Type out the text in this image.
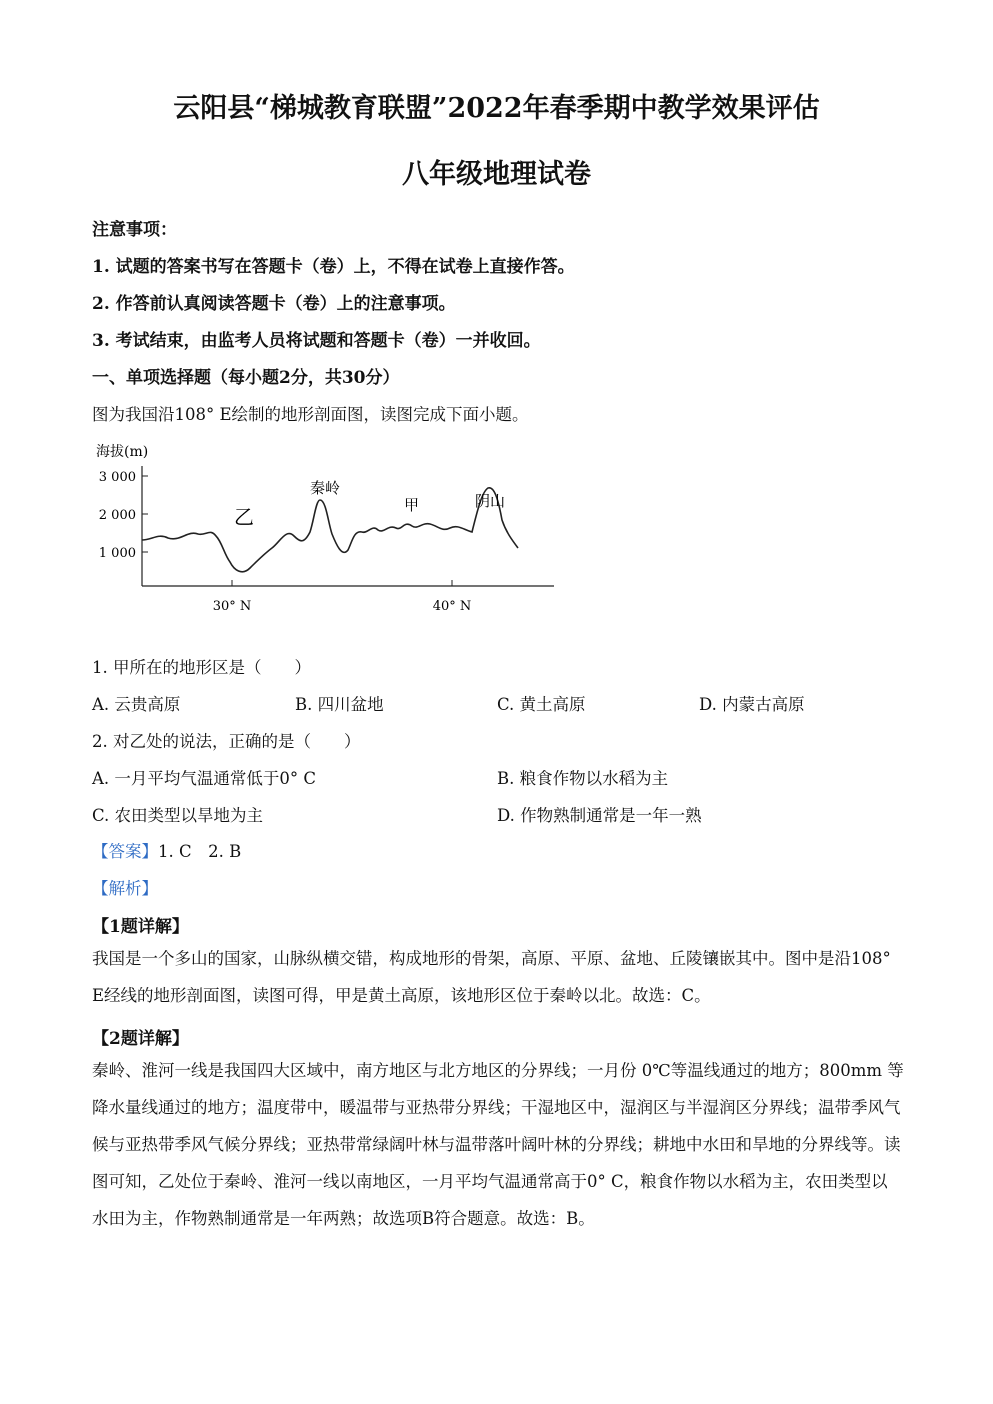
云阳县“梯城教育联盟”2022年春季期中教学效果评估
八年级地理试卷
注意事项：
1. 试题的答案书写在答题卡（卷）上，不得在试卷上直接作答。
2. 作答前认真阅读答题卡（卷）上的注意事项。
3. 考试结束，由监考人员将试题和答题卡（卷）一并收回。
一、单项选择题（每小题2分，共30分）
图为我国沿108° E绘制的地形剖面图，读图完成下面小题。
海拔(m)
3 000
2 000
1 000
30° N	40° N
乙
秦岭
甲	阴山
1. 甲所在的地形区是（　　）
A. 云贵高原	B. 四川盆地	C. 黄土高原	D. 内蒙古高原
2. 对乙处的说法，正确的是（　　）
A. 一月平均气温通常低于0° C	B. 粮食作物以水稻为主
C. 农田类型以旱地为主	D. 作物熟制通常是一年一熟
【答案】1. C　2. B
【解析】
【1题详解】
我国是一个多山的国家，山脉纵横交错，构成地形的骨架，高原、平原、盆地、丘陵镶嵌其中。图中是沿108° E经线的地形剖面图，读图可得，甲是黄土高原，该地形区位于秦岭以北。故选：C。
【2题详解】
秦岭、淮河一线是我国四大区域中，南方地区与北方地区的分界线；一月份 0℃等温线通过的地方；800mm 等降水量线通过的地方；温度带中，暖温带与亚热带分界线；干湿地区中，湿润区与半湿润区分界线；温带季风气候与亚热带季风气候分界线；亚热带常绿阔叶林与温带落叶阔叶林的分界线；耕地中水田和旱地的分界线等。读图可知，乙处位于秦岭、淮河一线以南地区，一月平均气温通常高于0° C，粮食作物以水稻为主，农田类型以水田为主，作物熟制通常是一年两熟；故选项B符合题意。故选：B。
